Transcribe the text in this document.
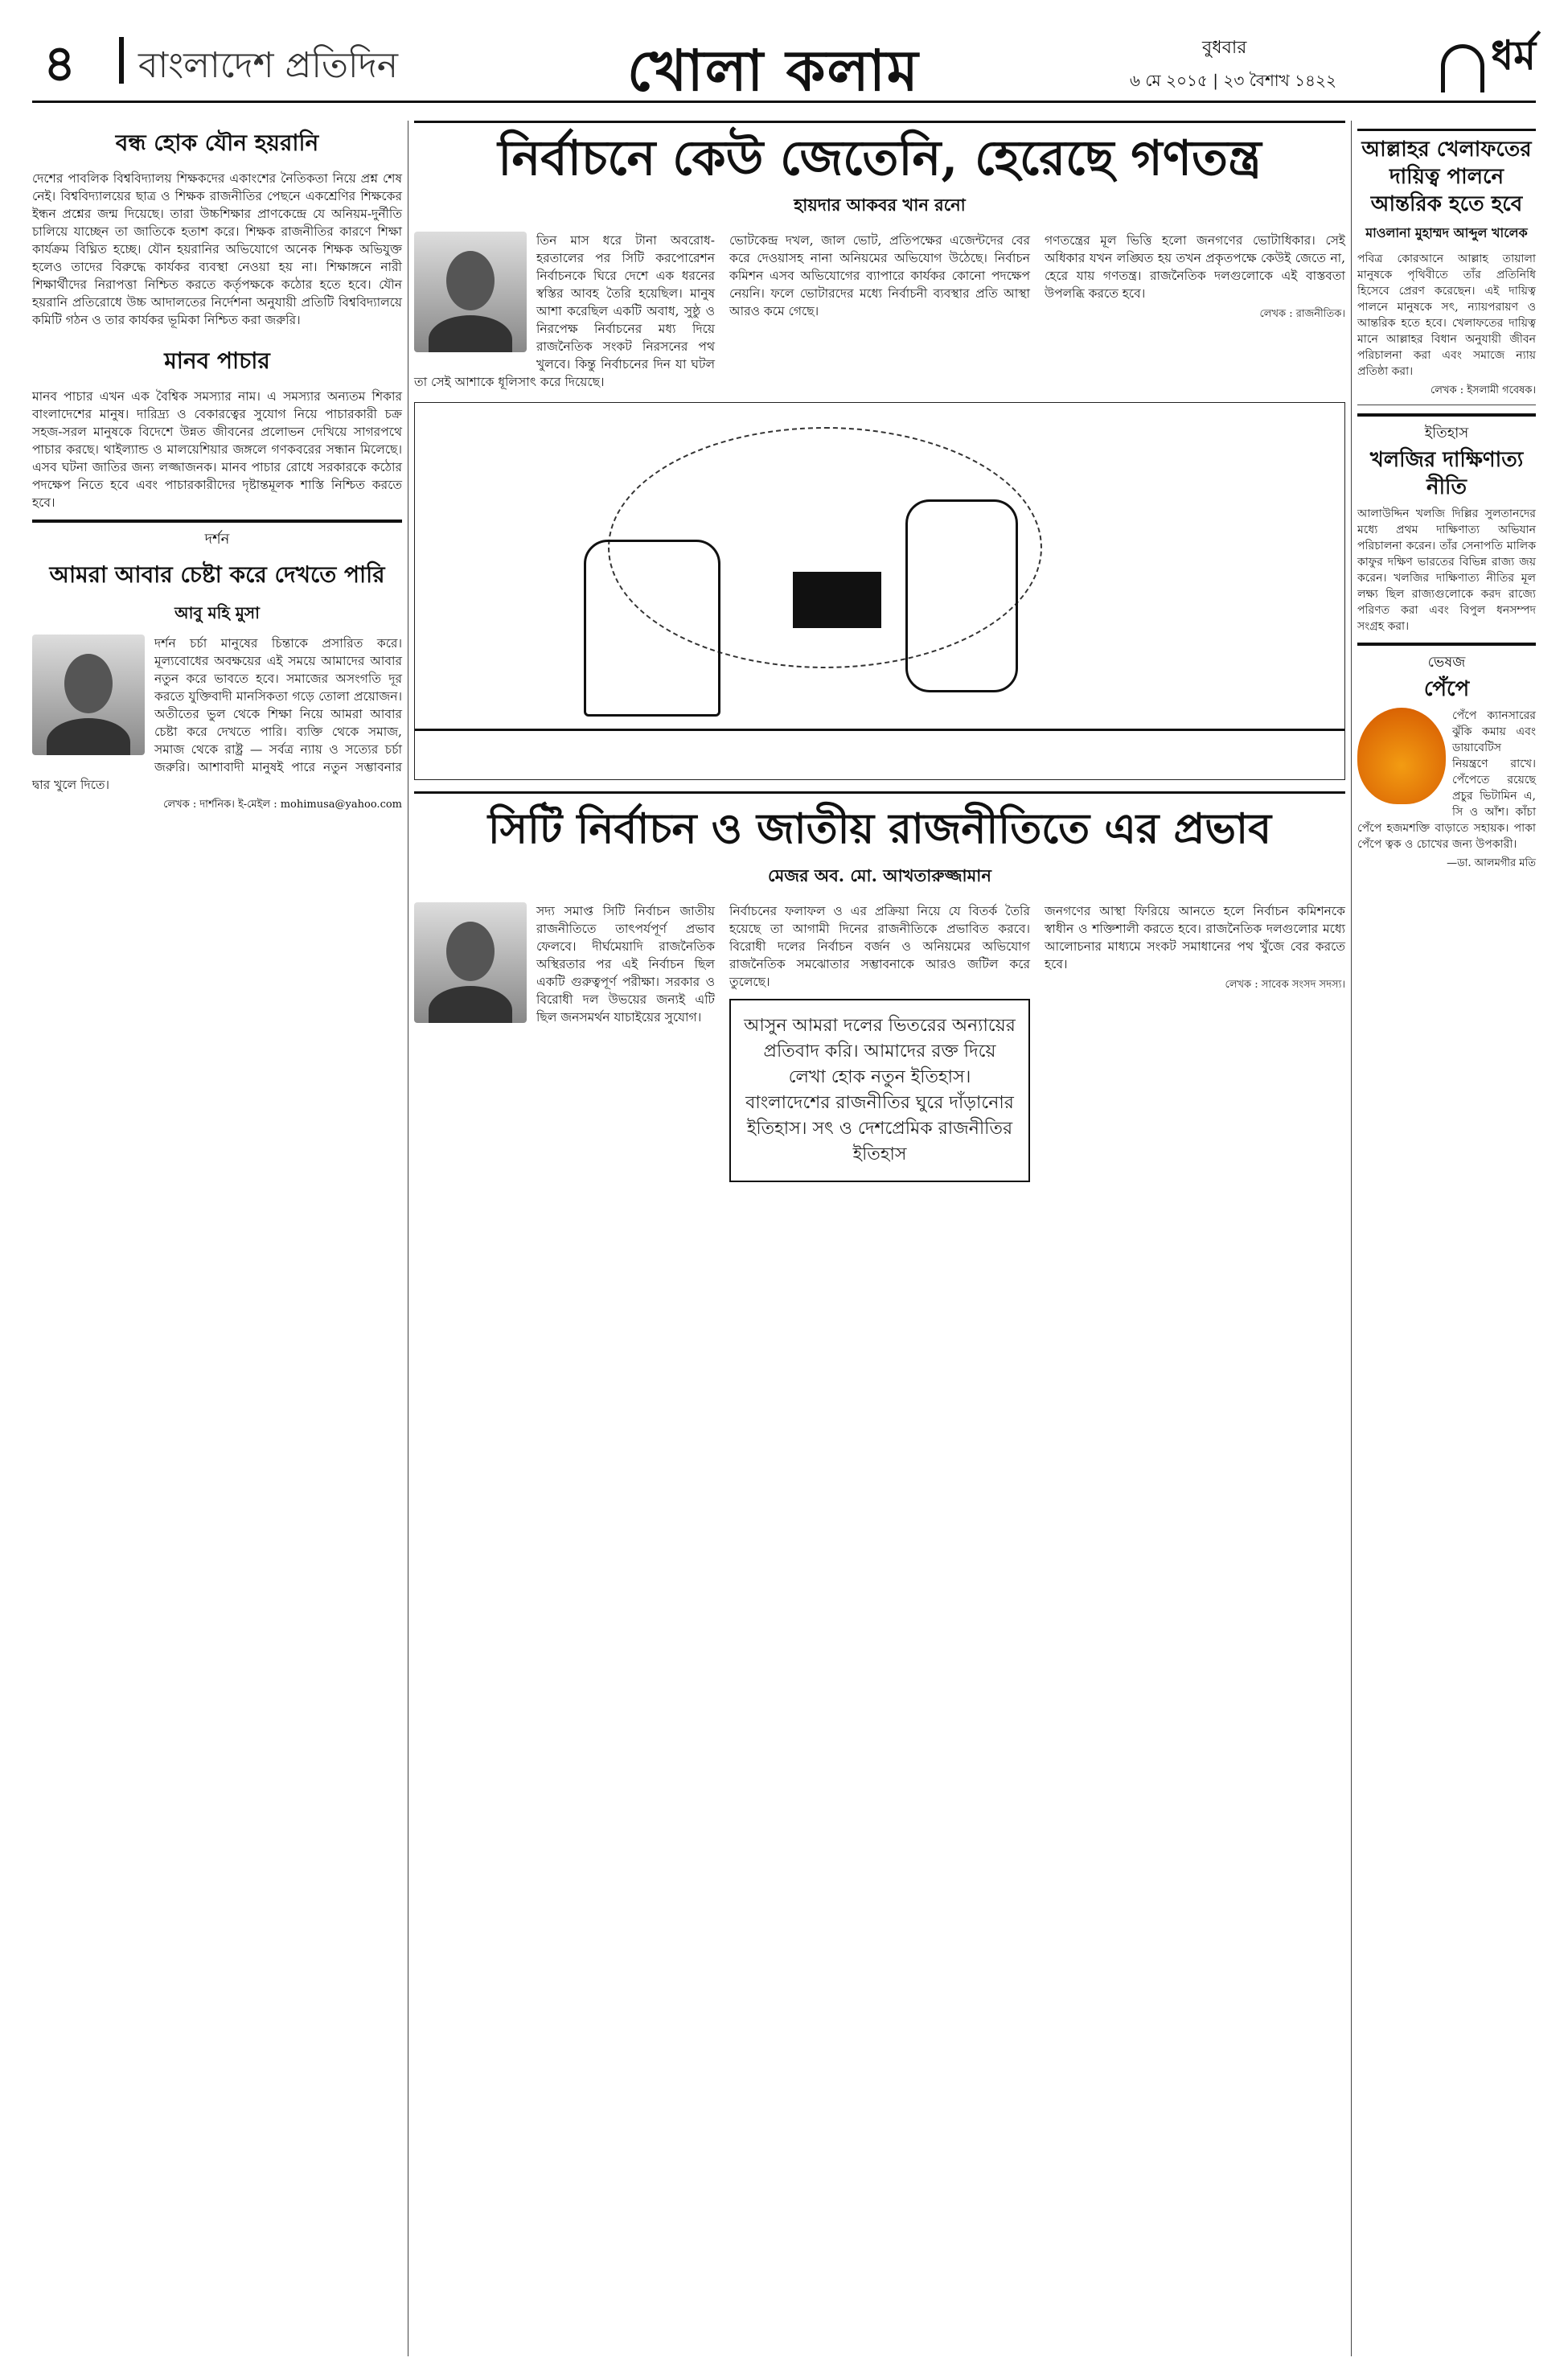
৪ বাংলাদেশ প্রতিদিন	খোলা কলাম	বুধবার
৬ মে ২০১৫ | ২৩ বৈশাখ ১৪২২
ধর্ম
বন্ধ হোক যৌন হয়রানি
দেশের পাবলিক বিশ্ববিদ্যালয় শিক্ষকদের একাংশের নৈতিকতা নিয়ে প্রশ্ন শেষ নেই। বিশ্ববিদ্যালয়ের ছাত্র ও শিক্ষক রাজনীতির পেছনে একশ্রেণির শিক্ষকের ইন্ধন প্রশ্নের জন্ম দিয়েছে। তারা উচ্চশিক্ষার প্রাণকেন্দ্রে যে অনিয়ম-দুর্নীতি চালিয়ে যাচ্ছেন তা জাতিকে হতাশ করে। শিক্ষক রাজনীতির কারণে শিক্ষা কার্যক্রম বিঘ্নিত হচ্ছে। যৌন হয়রানির অভিযোগে অনেক শিক্ষক অভিযুক্ত হলেও তাদের বিরুদ্ধে কার্যকর ব্যবস্থা নেওয়া হয় না। শিক্ষাঙ্গনে নারী শিক্ষার্থীদের নিরাপত্তা নিশ্চিত করতে কর্তৃপক্ষকে কঠোর হতে হবে। যৌন হয়রানি প্রতিরোধে উচ্চ আদালতের নির্দেশনা অনুযায়ী প্রতিটি বিশ্ববিদ্যালয়ে কমিটি গঠন ও তার কার্যকর ভূমিকা নিশ্চিত করা জরুরি।
মানব পাচার
মানব পাচার এখন এক বৈশ্বিক সমস্যার নাম। এ সমস্যার অন্যতম শিকার বাংলাদেশের মানুষ। দারিদ্র্য ও বেকারত্বের সুযোগ নিয়ে পাচারকারী চক্র সহজ-সরল মানুষকে বিদেশে উন্নত জীবনের প্রলোভন দেখিয়ে সাগরপথে পাচার করছে। থাইল্যান্ড ও মালয়েশিয়ার জঙ্গলে গণকবরের সন্ধান মিলেছে। এসব ঘটনা জাতির জন্য লজ্জাজনক। মানব পাচার রোধে সরকারকে কঠোর পদক্ষেপ নিতে হবে এবং পাচারকারীদের দৃষ্টান্তমূলক শাস্তি নিশ্চিত করতে হবে।
দর্শন
আমরা আবার চেষ্টা করে দেখতে পারি
আবু মহি মুসা
দর্শন চর্চা মানুষের চিন্তাকে প্রসারিত করে। মূল্যবোধের অবক্ষয়ের এই সময়ে আমাদের আবার নতুন করে ভাবতে হবে। সমাজের অসংগতি দূর করতে যুক্তিবাদী মানসিকতা গড়ে তোলা প্রয়োজন। অতীতের ভুল থেকে শিক্ষা নিয়ে আমরা আবার চেষ্টা করে দেখতে পারি। ব্যক্তি থেকে সমাজ, সমাজ থেকে রাষ্ট্র — সর্বত্র ন্যায় ও সত্যের চর্চা জরুরি। আশাবাদী মানুষই পারে নতুন সম্ভাবনার দ্বার খুলে দিতে।
লেখক : দার্শনিক। ই-মেইল : mohimusa@yahoo.com
নির্বাচনে কেউ জেতেনি, হেরেছে গণতন্ত্র
হায়দার আকবর খান রনো
তিন মাস ধরে টানা অবরোধ-হরতালের পর সিটি করপোরেশন নির্বাচনকে ঘিরে দেশে এক ধরনের স্বস্তির আবহ তৈরি হয়েছিল। মানুষ আশা করেছিল একটি অবাধ, সুষ্ঠু ও নিরপেক্ষ নির্বাচনের মধ্য দিয়ে রাজনৈতিক সংকট নিরসনের পথ খুলবে। কিন্তু নির্বাচনের দিন যা ঘটল তা সেই আশাকে ধূলিসাৎ করে দিয়েছে।
ভোটকেন্দ্র দখল, জাল ভোট, প্রতিপক্ষের এজেন্টদের বের করে দেওয়াসহ নানা অনিয়মের অভিযোগ উঠেছে। নির্বাচন কমিশন এসব অভিযোগের ব্যাপারে কার্যকর কোনো পদক্ষেপ নেয়নি। ফলে ভোটারদের মধ্যে নির্বাচনী ব্যবস্থার প্রতি আস্থা আরও কমে গেছে।
গণতন্ত্রের মূল ভিত্তি হলো জনগণের ভোটাধিকার। সেই অধিকার যখন লঙ্ঘিত হয় তখন প্রকৃতপক্ষে কেউই জেতে না, হেরে যায় গণতন্ত্র। রাজনৈতিক দলগুলোকে এই বাস্তবতা উপলব্ধি করতে হবে।
লেখক : রাজনীতিক।
সিটি নির্বাচন ও জাতীয় রাজনীতিতে এর প্রভাব
মেজর অব. মো. আখতারুজ্জামান
সদ্য সমাপ্ত সিটি নির্বাচন জাতীয় রাজনীতিতে তাৎপর্যপূর্ণ প্রভাব ফেলবে। দীর্ঘমেয়াদি রাজনৈতিক অস্থিরতার পর এই নির্বাচন ছিল একটি গুরুত্বপূর্ণ পরীক্ষা। সরকার ও বিরোধী দল উভয়ের জন্যই এটি ছিল জনসমর্থন যাচাইয়ের সুযোগ।
নির্বাচনের ফলাফল ও এর প্রক্রিয়া নিয়ে যে বিতর্ক তৈরি হয়েছে তা আগামী দিনের রাজনীতিকে প্রভাবিত করবে। বিরোধী দলের নির্বাচন বর্জন ও অনিয়মের অভিযোগ রাজনৈতিক সমঝোতার সম্ভাবনাকে আরও জটিল করে তুলেছে।
আসুন আমরা দলের ভিতরের অন্যায়ের প্রতিবাদ করি। আমাদের রক্ত দিয়ে লেখা হোক নতুন ইতিহাস। বাংলাদেশের রাজনীতির ঘুরে দাঁড়ানোর ইতিহাস। সৎ ও দেশপ্রেমিক রাজনীতির ইতিহাস
জনগণের আস্থা ফিরিয়ে আনতে হলে নির্বাচন কমিশনকে স্বাধীন ও শক্তিশালী করতে হবে। রাজনৈতিক দলগুলোর মধ্যে আলোচনার মাধ্যমে সংকট সমাধানের পথ খুঁজে বের করতে হবে।
লেখক : সাবেক সংসদ সদস্য।
আল্লাহর খেলাফতের দায়িত্ব পালনে আন্তরিক হতে হবে
মাওলানা মুহাম্মদ আব্দুল খালেক
পবিত্র কোরআনে আল্লাহ তায়ালা মানুষকে পৃথিবীতে তাঁর প্রতিনিধি হিসেবে প্রেরণ করেছেন। এই দায়িত্ব পালনে মানুষকে সৎ, ন্যায়পরায়ণ ও আন্তরিক হতে হবে। খেলাফতের দায়িত্ব মানে আল্লাহর বিধান অনুযায়ী জীবন পরিচালনা করা এবং সমাজে ন্যায় প্রতিষ্ঠা করা।
লেখক : ইসলামী গবেষক।
ইতিহাস
খলজির দাক্ষিণাত্য নীতি
আলাউদ্দিন খলজি দিল্লির সুলতানদের মধ্যে প্রথম দাক্ষিণাত্য অভিযান পরিচালনা করেন। তাঁর সেনাপতি মালিক কাফুর দক্ষিণ ভারতের বিভিন্ন রাজ্য জয় করেন। খলজির দাক্ষিণাত্য নীতির মূল লক্ষ্য ছিল রাজ্যগুলোকে করদ রাজ্যে পরিণত করা এবং বিপুল ধনসম্পদ সংগ্রহ করা।
ভেষজ
পেঁপে
পেঁপে ক্যানসারের ঝুঁকি কমায় এবং ডায়াবেটিস নিয়ন্ত্রণে রাখে। পেঁপেতে রয়েছে প্রচুর ভিটামিন এ, সি ও আঁশ। কাঁচা পেঁপে হজমশক্তি বাড়াতে সহায়ক। পাকা পেঁপে ত্বক ও চোখের জন্য উপকারী।
—ডা. আলমগীর মতি
